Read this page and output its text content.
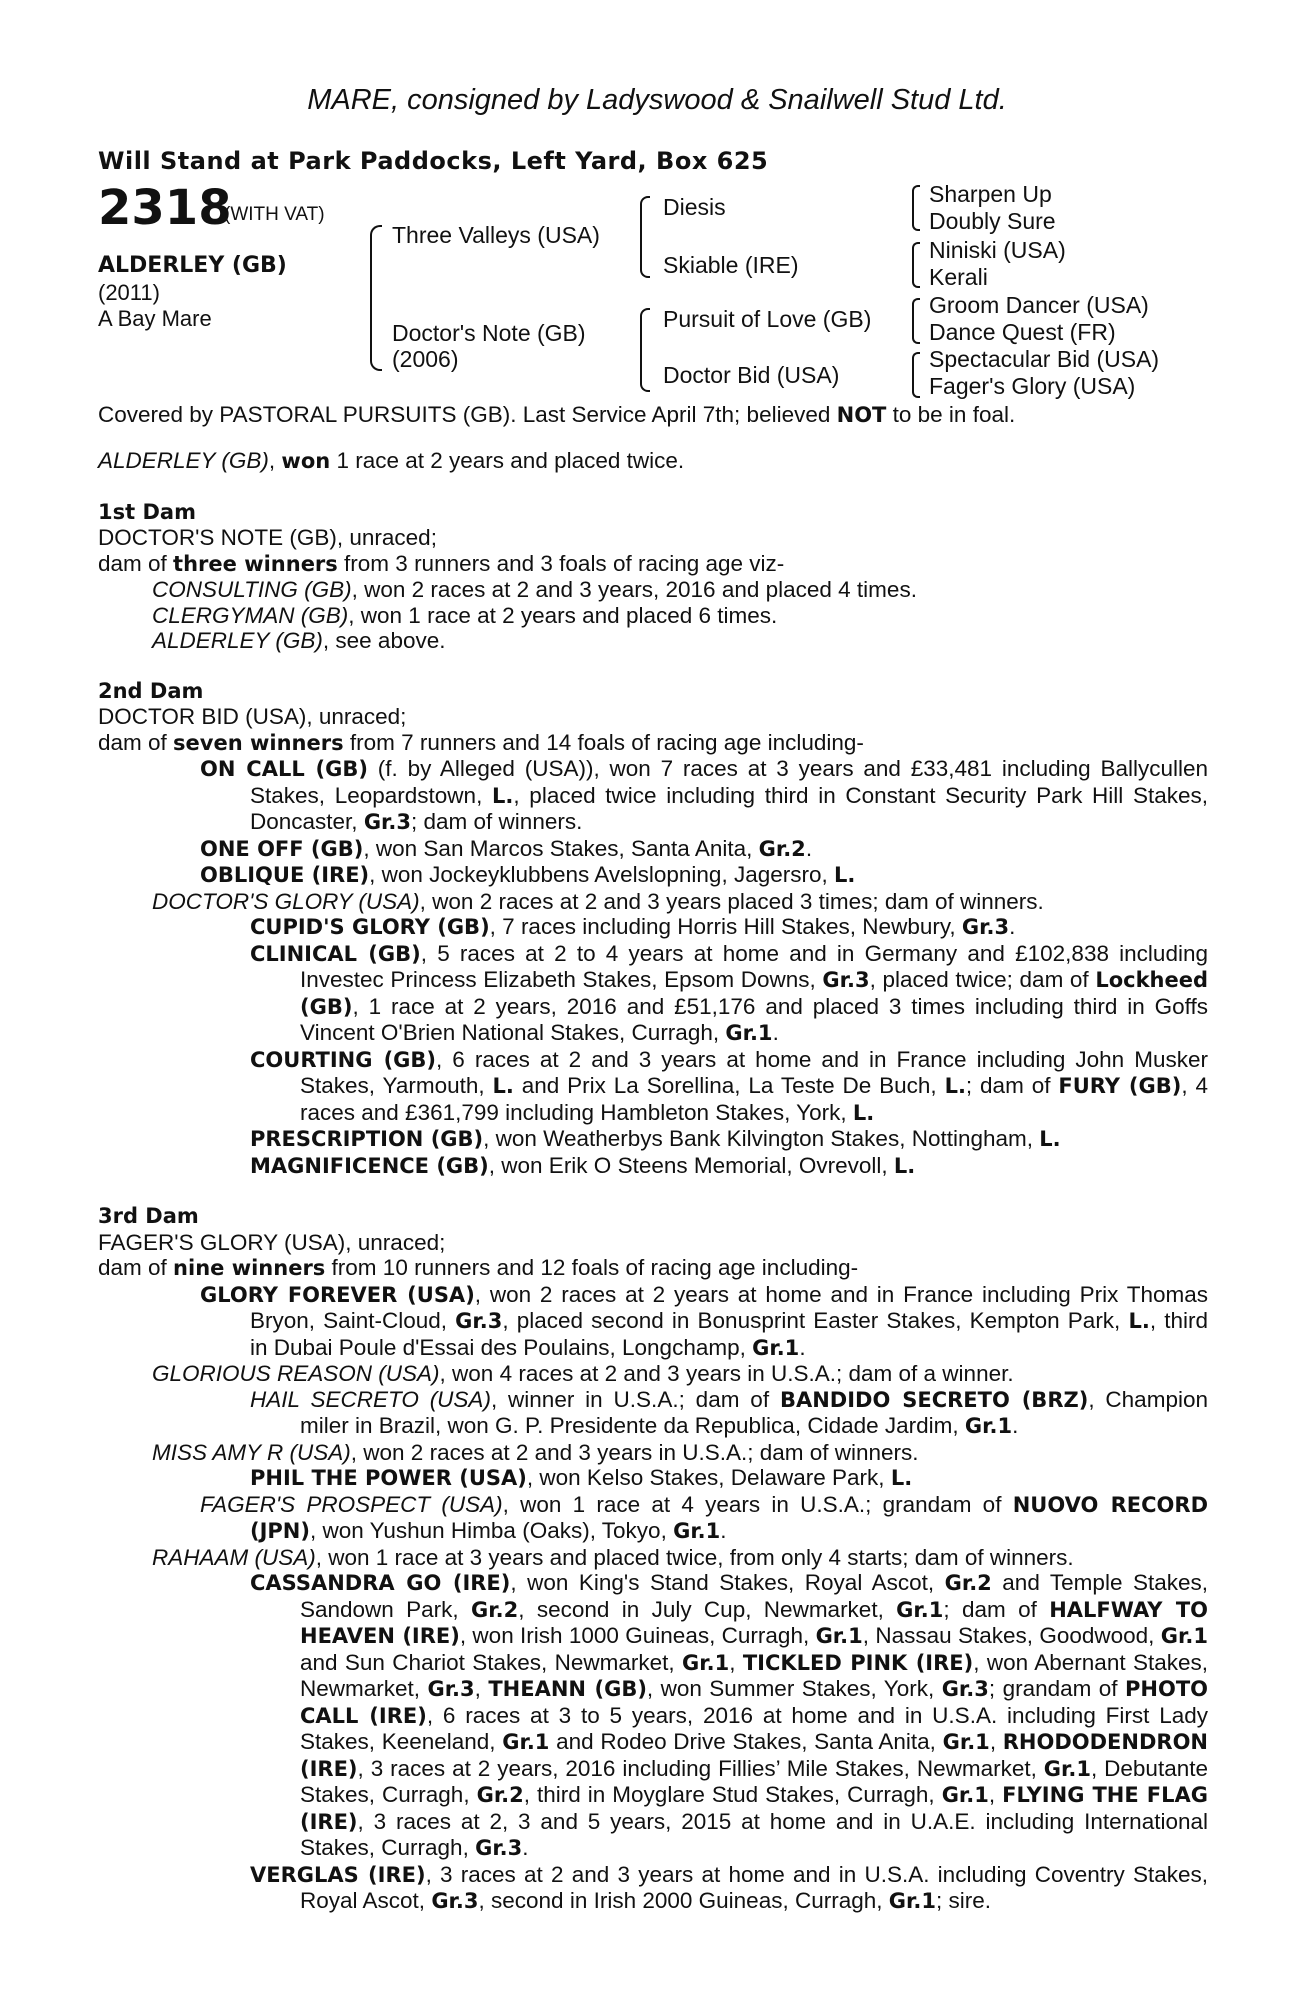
MARE, consigned by Ladyswood & Snailwell Stud Ltd.
Will Stand at Park Paddocks, Left Yard, Box 625
2318
(WITH VAT)
ALDERLEY (GB)
(2011)
A Bay Mare
Three Valleys (USA)
Doctor's Note (GB)
(2006)
Diesis
Skiable (IRE)
Pursuit of Love (GB)
Doctor Bid (USA)
Sharpen Up
Doubly Sure
Niniski (USA)
Kerali
Groom Dancer (USA)
Dance Quest (FR)
Spectacular Bid (USA)
Fager's Glory (USA)
Covered by PASTORAL PURSUITS (GB). Last Service April 7th; believed NOT to be in foal.

ALDERLEY (GB), won 1 race at 2 years and placed twice.

1st Dam

DOCTOR'S NOTE (GB), unraced;

dam of three winners from 3 runners and 3 foals of racing age viz-

CONSULTING (GB), won 2 races at 2 and 3 years, 2016 and placed 4 times.

CLERGYMAN (GB), won 1 race at 2 years and placed 6 times.

ALDERLEY (GB), see above.

2nd Dam

DOCTOR BID (USA), unraced;

dam of seven winners from 7 runners and 14 foals of racing age including-

ON CALL (GB) (f. by Alleged (USA)), won 7 races at 3 years and £33,481 including Ballycullen Stakes, Leopardstown, L., placed twice including third in Constant Security Park Hill Stakes, Doncaster, Gr.3; dam of winners.

ONE OFF (GB), won San Marcos Stakes, Santa Anita, Gr.2.

OBLIQUE (IRE), won Jockeyklubbens Avelslopning, Jagersro, L.

DOCTOR'S GLORY (USA), won 2 races at 2 and 3 years placed 3 times; dam of winners.

CUPID'S GLORY (GB), 7 races including Horris Hill Stakes, Newbury, Gr.3.

CLINICAL (GB), 5 races at 2 to 4 years at home and in Germany and £102,838 including Investec Princess Elizabeth Stakes, Epsom Downs, Gr.3, placed twice; dam of Lockheed (GB), 1 race at 2 years, 2016 and £51,176 and placed 3 times including third in Goffs Vincent O'Brien National Stakes, Curragh, Gr.1.

COURTING (GB), 6 races at 2 and 3 years at home and in France including John Musker Stakes, Yarmouth, L. and Prix La Sorellina, La Teste De Buch, L.; dam of FURY (GB), 4 races and £361,799 including Hambleton Stakes, York, L.

PRESCRIPTION (GB), won Weatherbys Bank Kilvington Stakes, Nottingham, L.

MAGNIFICENCE (GB), won Erik O Steens Memorial, Ovrevoll, L.

3rd Dam

FAGER'S GLORY (USA), unraced;

dam of nine winners from 10 runners and 12 foals of racing age including-

GLORY FOREVER (USA), won 2 races at 2 years at home and in France including Prix Thomas Bryon, Saint-Cloud, Gr.3, placed second in Bonusprint Easter Stakes, Kempton Park, L., third in Dubai Poule d'Essai des Poulains, Longchamp, Gr.1.

GLORIOUS REASON (USA), won 4 races at 2 and 3 years in U.S.A.; dam of a winner.

HAIL SECRETO (USA), winner in U.S.A.; dam of BANDIDO SECRETO (BRZ), Champion miler in Brazil, won G. P. Presidente da Republica, Cidade Jardim, Gr.1.

MISS AMY R (USA), won 2 races at 2 and 3 years in U.S.A.; dam of winners.

PHIL THE POWER (USA), won Kelso Stakes, Delaware Park, L.

FAGER'S PROSPECT (USA), won 1 race at 4 years in U.S.A.; grandam of NUOVO RECORD (JPN), won Yushun Himba (Oaks), Tokyo, Gr.1.

RAHAAM (USA), won 1 race at 3 years and placed twice, from only 4 starts; dam of winners.

CASSANDRA GO (IRE), won King's Stand Stakes, Royal Ascot, Gr.2 and Temple Stakes, Sandown Park, Gr.2, second in July Cup, Newmarket, Gr.1; dam of HALFWAY TO HEAVEN (IRE), won Irish 1000 Guineas, Curragh, Gr.1, Nassau Stakes, Goodwood, Gr.1 and Sun Chariot Stakes, Newmarket, Gr.1, TICKLED PINK (IRE), won Abernant Stakes, Newmarket, Gr.3, THEANN (GB), won Summer Stakes, York, Gr.3; grandam of PHOTO CALL (IRE), 6 races at 3 to 5 years, 2016 at home and in U.S.A. including First Lady Stakes, Keeneland, Gr.1 and Rodeo Drive Stakes, Santa Anita, Gr.1, RHODODENDRON (IRE), 3 races at 2 years, 2016 including Fillies’ Mile Stakes, Newmarket, Gr.1, Debutante Stakes, Curragh, Gr.2, third in Moyglare Stud Stakes, Curragh, Gr.1, FLYING THE FLAG (IRE), 3 races at 2, 3 and 5 years, 2015 at home and in U.A.E. including International Stakes, Curragh, Gr.3.

VERGLAS (IRE), 3 races at 2 and 3 years at home and in U.S.A. including Coventry Stakes, Royal Ascot, Gr.3, second in Irish 2000 Guineas, Curragh, Gr.1; sire.
